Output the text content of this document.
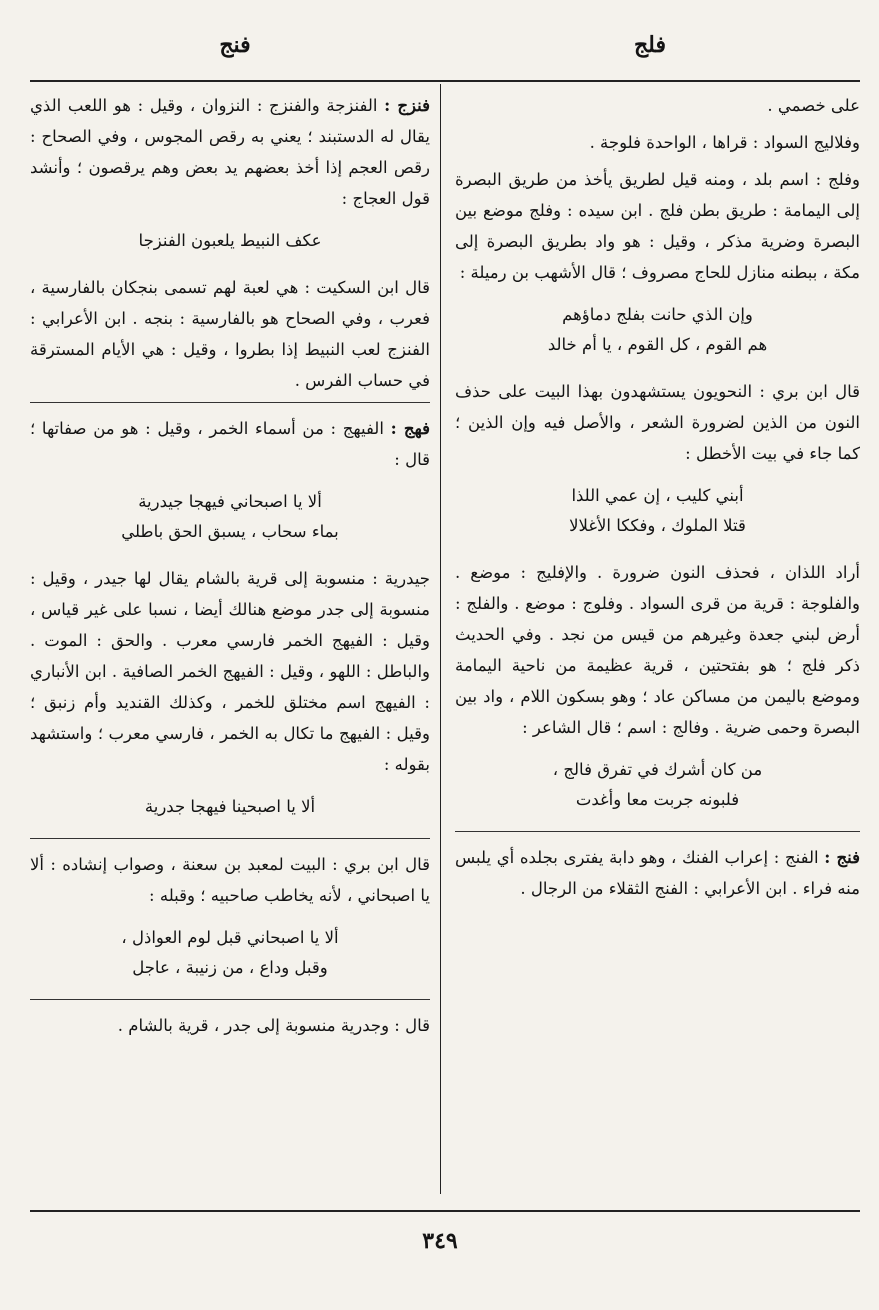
فلج
فنج

على خصمي .

وفلاليج السواد : قراها ، الواحدة فلوجة .

وفلج : اسم بلد ، ومنه قيل لطريق يأخذ من طريق البصرة إلى اليمامة : طريق بطن فلج . ابن سيده : وفلج موضع بين البصرة وضرية مذكر ، وقيل : هو واد بطريق البصرة إلى مكة ، ببطنه منازل للحاج مصروف ؛ قال الأشهب بن رميلة :

وإن الذي حانت بفلج دماؤهم
هم القوم ، كل القوم ، يا أم خالد

قال ابن بري : النحويون يستشهدون بهذا البيت على حذف النون من الذين لضرورة الشعر ، والأصل فيه وإن الذين ؛ كما جاء في بيت الأخطل :

أبني كليب ، إن عمي اللذا
قتلا الملوك ، وفككا الأغلالا

أراد اللذان ، فحذف النون ضرورة . والإفليج : موضع . والفلوجة : قرية من قرى السواد . وفلوج : موضع . والفلج : أرض لبني جعدة وغيرهم من قيس من نجد . وفي الحديث ذكر فلج ؛ هو بفتحتين ، قرية عظيمة من ناحية اليمامة وموضع باليمن من مساكن عاد ؛ وهو بسكون اللام ، واد بين البصرة وحمى ضرية . وفالج : اسم ؛ قال الشاعر :

من كان أشرك في تفرق فالج ،
فلبونه جربت معا وأغدت

فنج : الفنج : إعراب الفنك ، وهو دابة يفترى بجلده أي يلبس منه فراء . ابن الأعرابي : الفنج الثقلاء من الرجال .

فنزج : الفنزجة والفنزج : النزوان ، وقيل : هو اللعب الذي يقال له الدستبند ؛ يعني به رقص المجوس ، وفي الصحاح : رقص العجم إذا أخذ بعضهم يد بعض وهم يرقصون ؛ وأنشد قول العجاج :

عكف النبيط يلعبون الفنزجا

قال ابن السكيت : هي لعبة لهم تسمى بنجكان بالفارسية ، فعرب ، وفي الصحاح هو بالفارسية : بنجه . ابن الأعرابي : الفنزج لعب النبيط إذا بطروا ، وقيل : هي الأيام المسترقة في حساب الفرس .

فهج : الفيهج : من أسماء الخمر ، وقيل : هو من صفاتها ؛ قال :

ألا يا اصبحاني فيهجا جيدرية
بماء سحاب ، يسبق الحق باطلي

جيدرية : منسوبة إلى قرية بالشام يقال لها جيدر ، وقيل : منسوبة إلى جدر موضع هنالك أيضا ، نسبا على غير قياس ، وقيل : الفيهج الخمر فارسي معرب . والحق : الموت . والباطل : اللهو ، وقيل : الفيهج الخمر الصافية . ابن الأنباري : الفيهج اسم مختلق للخمر ، وكذلك القنديد وأم زنبق ؛ وقيل : الفيهج ما تكال به الخمر ، فارسي معرب ؛ واستشهد بقوله :

ألا يا اصبحينا فيهجا جدرية

قال ابن بري : البيت لمعبد بن سعنة ، وصواب إنشاده : ألا يا اصبحاني ، لأنه يخاطب صاحبيه ؛ وقبله :

ألا يا اصبحاني قبل لوم العواذل ،
وقبل وداع ، من زنيبة ، عاجل

قال : وجدرية منسوبة إلى جدر ، قرية بالشام .

٣٤٩
